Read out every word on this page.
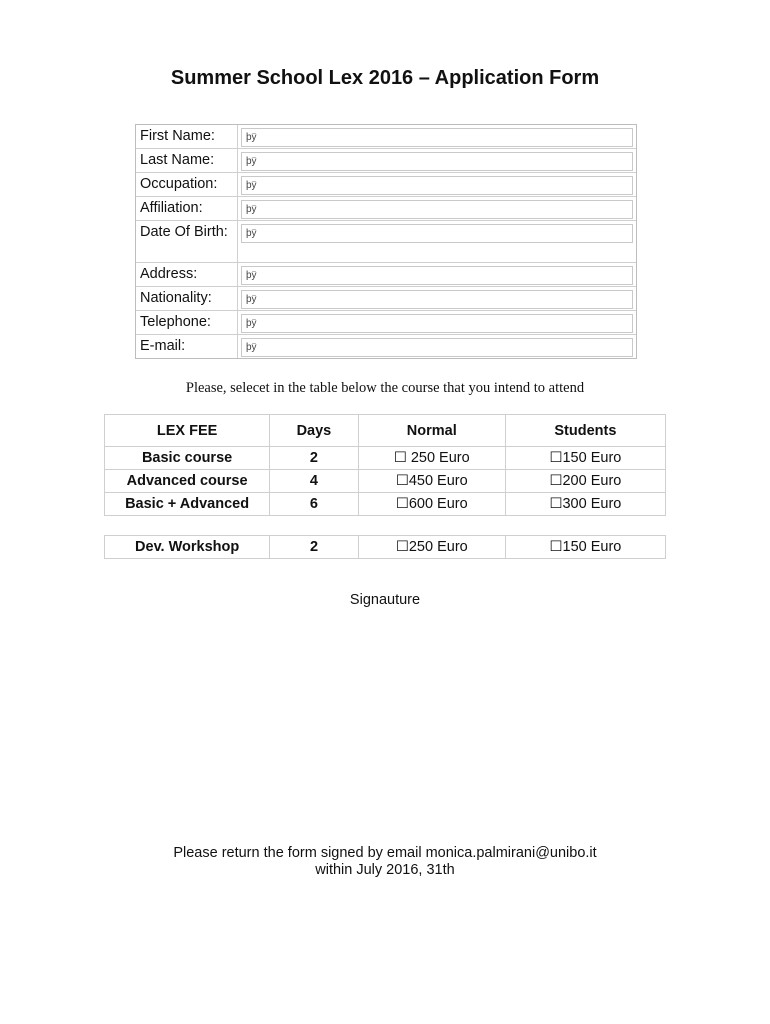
Summer School Lex 2016 – Application Form
First Name:	þÿ
Last Name:	þÿ
Occupation:	þÿ
Affiliation:	þÿ
Date Of Birth:	þÿ
Address:	þÿ
Nationality:	þÿ
Telephone:	þÿ
E-mail:	þÿ
Please, selecet in the table below the course that you intend to attend
LEX FEE	Days	Normal	Students
Basic course	2	☐ 250 Euro	☐150 Euro
Advanced course	4	☐450 Euro	☐200 Euro
Basic + Advanced	6	☐600 Euro	☐300 Euro
Dev. Workshop	2	☐250 Euro	☐150 Euro
Signauture
Please return the form signed by email monica.palmirani@unibo.it
within July 2016, 31th
